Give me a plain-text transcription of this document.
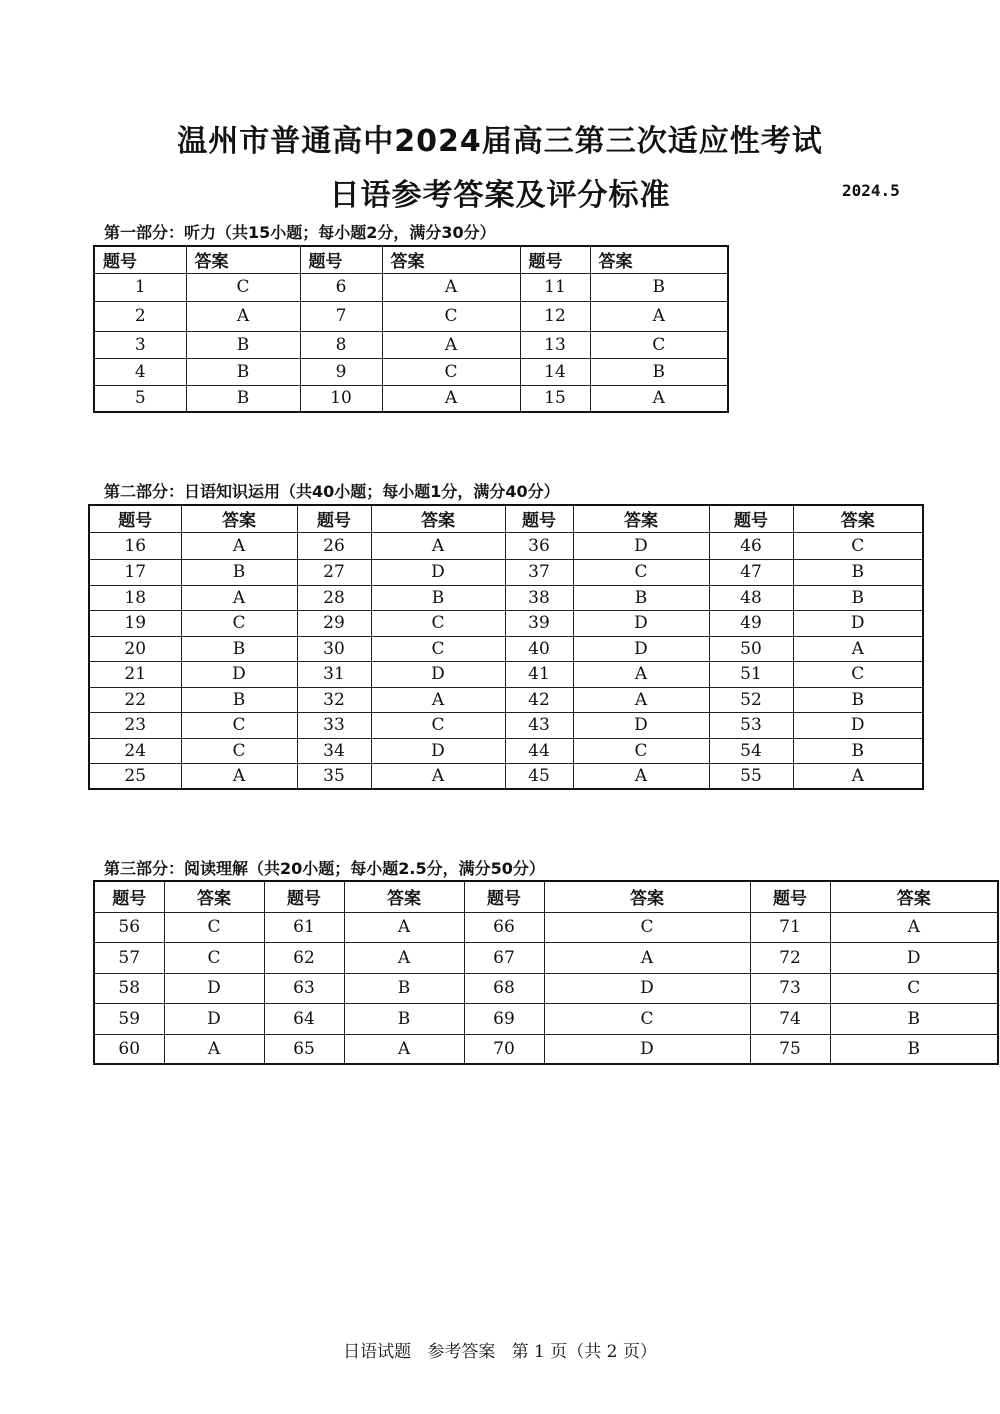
温州市普通高中2024届高三第三次适应性考试
日语参考答案及评分标准	2024.5
第一部分：听力（共15小题；每小题2分，满分30分）
题号	答案	题号	答案	题号	答案
1	C	6	A	11	B
2	A	7	C	12	A
3	B	8	A	13	C
4	B	9	C	14	B
5	B	10	A	15	A
第二部分：日语知识运用（共40小题；每小题1分，满分40分）
题号	答案	题号	答案	题号	答案	题号	答案
16	A	26	A	36	D	46	C
17	B	27	D	37	C	47	B
18	A	28	B	38	B	48	B
19	C	29	C	39	D	49	D
20	B	30	C	40	D	50	A
21	D	31	D	41	A	51	C
22	B	32	A	42	A	52	B
23	C	33	C	43	D	53	D
24	C	34	D	44	C	54	B
25	A	35	A	45	A	55	A
第三部分：阅读理解（共20小题；每小题2.5分，满分50分）
题号	答案	题号	答案	题号	答案	题号	答案
56	C	61	A	66	C	71	A
57	C	62	A	67	A	72	D
58	D	63	B	68	D	73	C
59	D	64	B	69	C	74	B
60	A	65	A	70	D	75	B
日语试题   参考答案   第 1 页（共 2 页）
